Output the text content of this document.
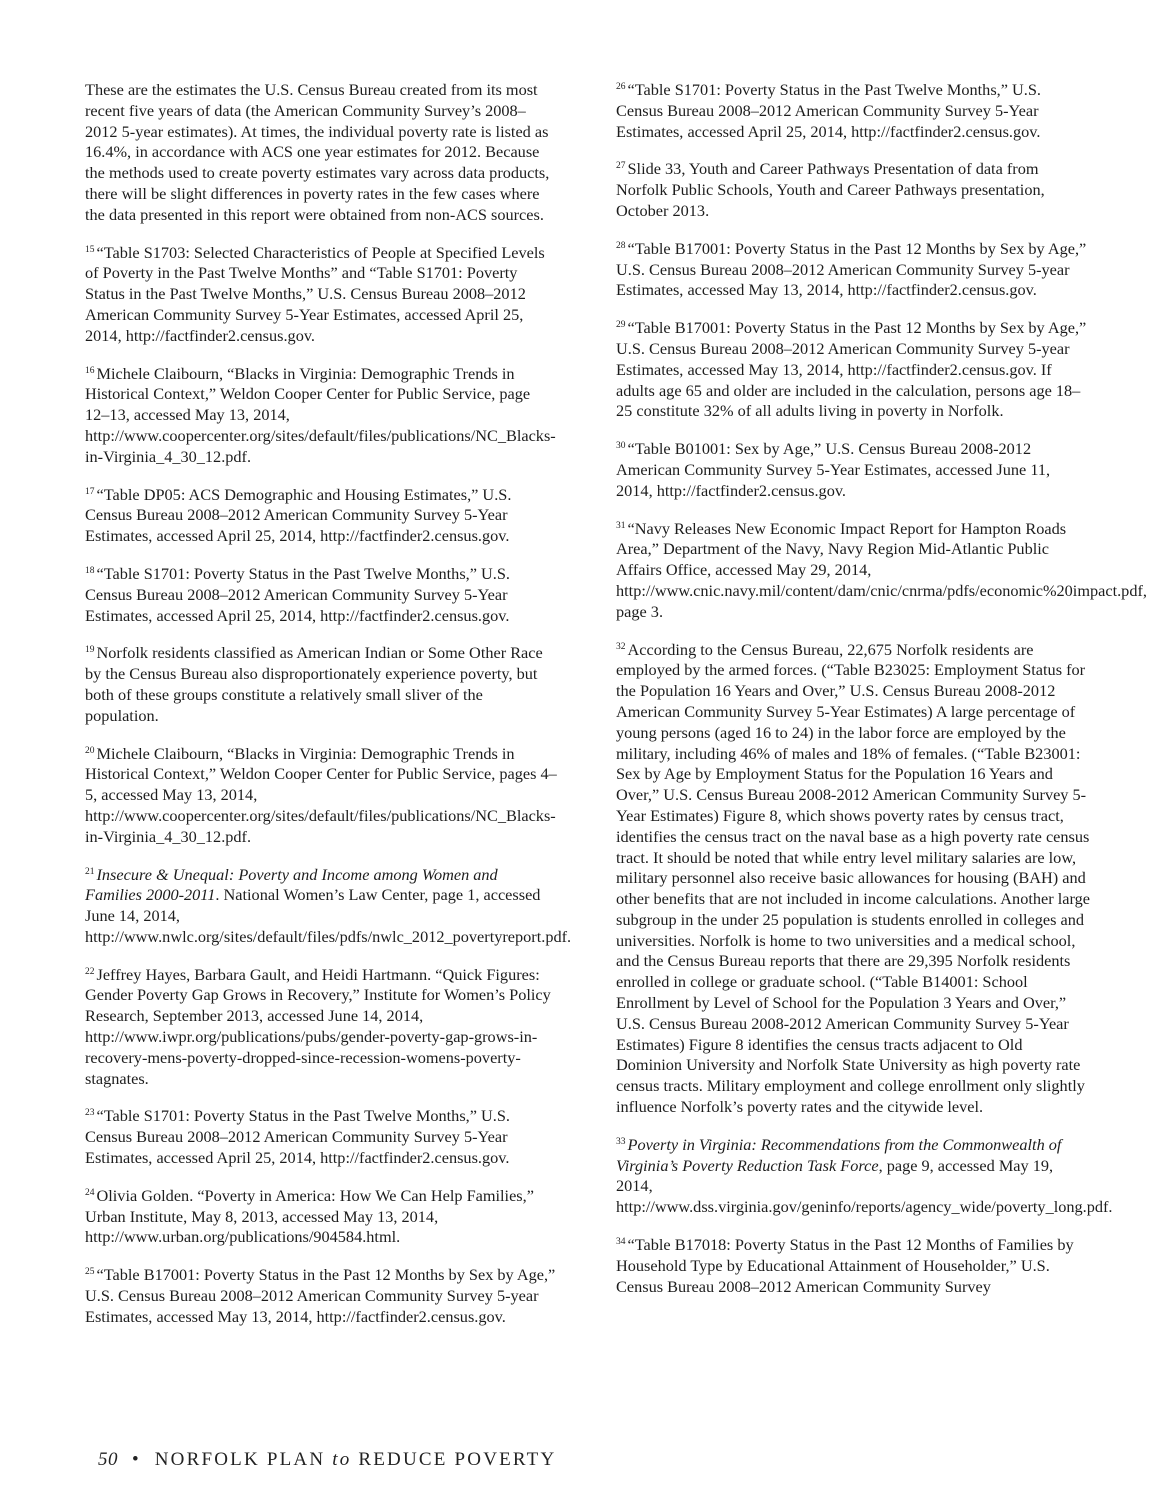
These are the estimates the U.S. Census Bureau created from its most recent five years of data (the American Community Survey’s 2008–2012 5-year estimates). At times, the individual poverty rate is listed as 16.4%, in accordance with ACS one year estimates for 2012. Because the methods used to create poverty estimates vary across data products, there will be slight differences in poverty rates in the few cases where the data presented in this report were obtained from non-ACS sources.

$^{15}$ “Table S1703: Selected Characteristics of People at Specified Levels of Poverty in the Past Twelve Months” and “Table S1701: Poverty Status in the Past Twelve Months,” U.S. Census Bureau 2008–2012 American Community Survey 5-Year Estimates, accessed April 25, 2014, http://factfinder2.census.gov.

$^{16}$ Michele Claibourn, “Blacks in Virginia: Demographic Trends in Historical Context,” Weldon Cooper Center for Public Service, page 12–13, accessed May 13, 2014, http://www.coopercenter.org/sites/default/files/publications/NC_Blacks-in-Virginia_4_30_12.pdf.

$^{17}$ “Table DP05: ACS Demographic and Housing Estimates,” U.S. Census Bureau 2008–2012 American Community Survey 5-Year Estimates, accessed April 25, 2014, http://factfinder2.census.gov.

$^{18}$ “Table S1701: Poverty Status in the Past Twelve Months,” U.S. Census Bureau 2008–2012 American Community Survey 5-Year Estimates, accessed April 25, 2014, http://factfinder2.census.gov.

$^{19}$ Norfolk residents classified as American Indian or Some Other Race by the Census Bureau also disproportionately experience poverty, but both of these groups constitute a relatively small sliver of the population.

$^{20}$ Michele Claibourn, “Blacks in Virginia: Demographic Trends in Historical Context,” Weldon Cooper Center for Public Service, pages 4–5, accessed May 13, 2014, http://www.coopercenter.org/sites/default/files/publications/NC_Blacks-in-Virginia_4_30_12.pdf.

$^{21}$ Insecure & Unequal: Poverty and Income among Women and Families 2000-2011. National Women’s Law Center, page 1, accessed June 14, 2014, http://www.nwlc.org/sites/default/files/pdfs/nwlc_2012_povertyreport.pdf.

$^{22}$ Jeffrey Hayes, Barbara Gault, and Heidi Hartmann. “Quick Figures: Gender Poverty Gap Grows in Recovery,” Institute for Women’s Policy Research, September 2013, accessed June 14, 2014, http://www.iwpr.org/publications/pubs/gender-poverty-gap-grows-in-recovery-mens-poverty-dropped-since-recession-womens-poverty-stagnates.

$^{23}$ “Table S1701: Poverty Status in the Past Twelve Months,” U.S. Census Bureau 2008–2012 American Community Survey 5-Year Estimates, accessed April 25, 2014, http://factfinder2.census.gov.

$^{24}$ Olivia Golden. “Poverty in America: How We Can Help Families,” Urban Institute, May 8, 2013, accessed May 13, 2014, http://www.urban.org/publications/904584.html.

$^{25}$ “Table B17001: Poverty Status in the Past 12 Months by Sex by Age,” U.S. Census Bureau 2008–2012 American Community Survey 5-year Estimates, accessed May 13, 2014, http://factfinder2.census.gov.

$^{26}$ “Table S1701: Poverty Status in the Past Twelve Months,” U.S. Census Bureau 2008–2012 American Community Survey 5-Year Estimates, accessed April 25, 2014, http://factfinder2.census.gov.

$^{27}$ Slide 33, Youth and Career Pathways Presentation of data from Norfolk Public Schools, Youth and Career Pathways presentation, October 2013.

$^{28}$ “Table B17001: Poverty Status in the Past 12 Months by Sex by Age,” U.S. Census Bureau 2008–2012 American Community Survey 5-year Estimates, accessed May 13, 2014, http://factfinder2.census.gov.

$^{29}$ “Table B17001: Poverty Status in the Past 12 Months by Sex by Age,” U.S. Census Bureau 2008–2012 American Community Survey 5-year Estimates, accessed May 13, 2014, http://factfinder2.census.gov. If adults age 65 and older are included in the calculation, persons age 18–25 constitute 32% of all adults living in poverty in Norfolk.

$^{30}$ “Table B01001: Sex by Age,” U.S. Census Bureau 2008-2012 American Community Survey 5-Year Estimates, accessed June 11, 2014, http://factfinder2.census.gov.

$^{31}$ “Navy Releases New Economic Impact Report for Hampton Roads Area,” Department of the Navy, Navy Region Mid-Atlantic Public Affairs Office, accessed May 29, 2014, http://www.cnic.navy.mil/content/dam/cnic/cnrma/pdfs/economic%20impact.pdf, page 3.

$^{32}$ According to the Census Bureau, 22,675 Norfolk residents are employed by the armed forces. (“Table B23025: Employment Status for the Population 16 Years and Over,” U.S. Census Bureau 2008-2012 American Community Survey 5-Year Estimates) A large percentage of young persons (aged 16 to 24) in the labor force are employed by the military, including 46% of males and 18% of females. (“Table B23001: Sex by Age by Employment Status for the Population 16 Years and Over,” U.S. Census Bureau 2008-2012 American Community Survey 5-Year Estimates) Figure 8, which shows poverty rates by census tract, identifies the census tract on the naval base as a high poverty rate census tract. It should be noted that while entry level military salaries are low, military personnel also receive basic allowances for housing (BAH) and other benefits that are not included in income calculations. Another large subgroup in the under 25 population is students enrolled in colleges and universities. Norfolk is home to two universities and a medical school, and the Census Bureau reports that there are 29,395 Norfolk residents enrolled in college or graduate school. (“Table B14001: School Enrollment by Level of School for the Population 3 Years and Over,” U.S. Census Bureau 2008-2012 American Community Survey 5-Year Estimates) Figure 8 identifies the census tracts adjacent to Old Dominion University and Norfolk State University as high poverty rate census tracts. Military employment and college enrollment only slightly influence Norfolk’s poverty rates and the citywide level.

$^{33}$ Poverty in Virginia: Recommendations from the Commonwealth of Virginia’s Poverty Reduction Task Force, page 9, accessed May 19, 2014, http://www.dss.virginia.gov/geninfo/reports/agency_wide/poverty_long.pdf.

$^{34}$ “Table B17018: Poverty Status in the Past 12 Months of Families by Household Type by Educational Attainment of Householder,” U.S. Census Bureau 2008–2012 American Community Survey

50 • NORFOLK PLAN to REDUCE POVERTY
